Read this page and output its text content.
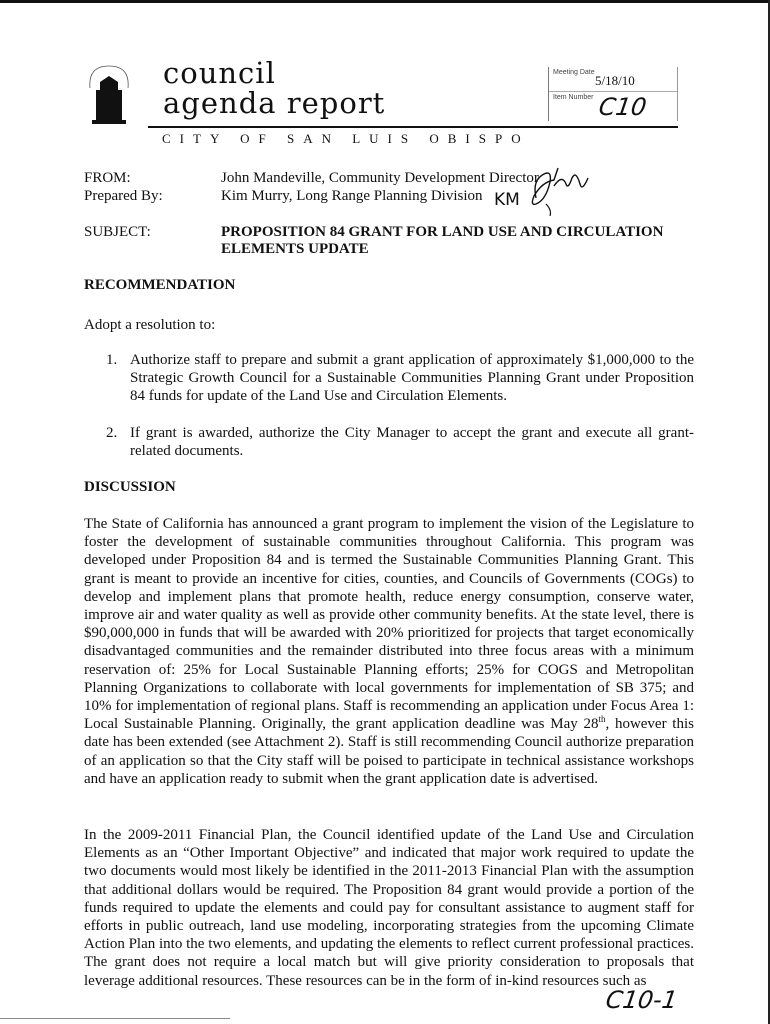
council
agenda report
CITY OF SAN LUIS OBISPO
Meeting Date
5/18/10
Item Number C10
FROM:	John Mandeville, Community Development Director
Prepared By:	Kim Murry, Long Range Planning Division KM
SUBJECT:	PROPOSITION 84 GRANT FOR LAND USE AND CIRCULATION
ELEMENTS UPDATE
RECOMMENDATION
Adopt a resolution to:
1. Authorize staff to prepare and submit a grant application of approximately $1,000,000 to the Strategic Growth Council for a Sustainable Communities Planning Grant under Proposition 84 funds for update of the Land Use and Circulation Elements.
2. If grant is awarded, authorize the City Manager to accept the grant and execute all grant-related documents.
DISCUSSION
The State of California has announced a grant program to implement the vision of the Legislature to foster the development of sustainable communities throughout California. This program was developed under Proposition 84 and is termed the Sustainable Communities Planning Grant. This grant is meant to provide an incentive for cities, counties, and Councils of Governments (COGs) to develop and implement plans that promote health, reduce energy consumption, conserve water, improve air and water quality as well as provide other community benefits. At the state level, there is $90,000,000 in funds that will be awarded with 20% prioritized for projects that target economically disadvantaged communities and the remainder distributed into three focus areas with a minimum reservation of: 25% for Local Sustainable Planning efforts; 25% for COGS and Metropolitan Planning Organizations to collaborate with local governments for implementation of SB 375; and 10% for implementation of regional plans. Staff is recommending an application under Focus Area 1: Local Sustainable Planning. Originally, the grant application deadline was May 28th, however this date has been extended (see Attachment 2). Staff is still recommending Council authorize preparation of an application so that the City staff will be poised to participate in technical assistance workshops and have an application ready to submit when the grant application date is advertised.
In the 2009-2011 Financial Plan, the Council identified update of the Land Use and Circulation Elements as an “Other Important Objective” and indicated that major work required to update the two documents would most likely be identified in the 2011-2013 Financial Plan with the assumption that additional dollars would be required. The Proposition 84 grant would provide a portion of the funds required to update the elements and could pay for consultant assistance to augment staff for efforts in public outreach, land use modeling, incorporating strategies from the upcoming Climate Action Plan into the two elements, and updating the elements to reflect current professional practices. The grant does not require a local match but will give priority consideration to proposals that leverage additional resources. These resources can be in the form of in-kind resources such as
C10-1
